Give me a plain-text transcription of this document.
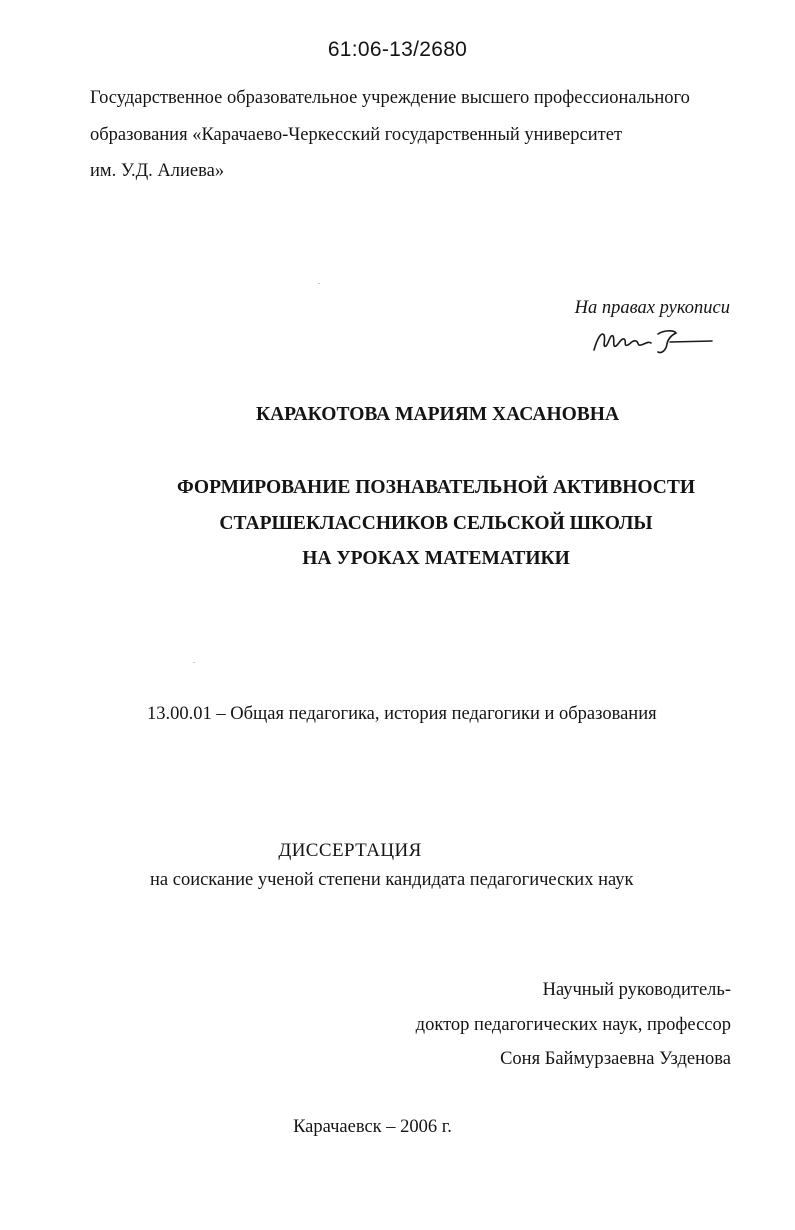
61:06-13/2680
Государственное образовательное учреждение высшего профессионального
образования «Карачаево-Черкесский государственный университет
им. У.Д. Алиева»
На правах рукописи
КАРАКОТОВА МАРИЯМ ХАСАНОВНА
ФОРМИРОВАНИЕ ПОЗНАВАТЕЛЬНОЙ АКТИВНОСТИ
СТАРШЕКЛАССНИКОВ СЕЛЬСКОЙ ШКОЛЫ
НА УРОКАХ МАТЕМАТИКИ
13.00.01 – Общая педагогика, история педагогики и образования
ДИССЕРТАЦИЯ
на соискание ученой степени кандидата педагогических наук
Научный руководитель-
доктор педагогических наук, профессор
Соня Баймурзаевна Узденова
Карачаевск – 2006 г.
